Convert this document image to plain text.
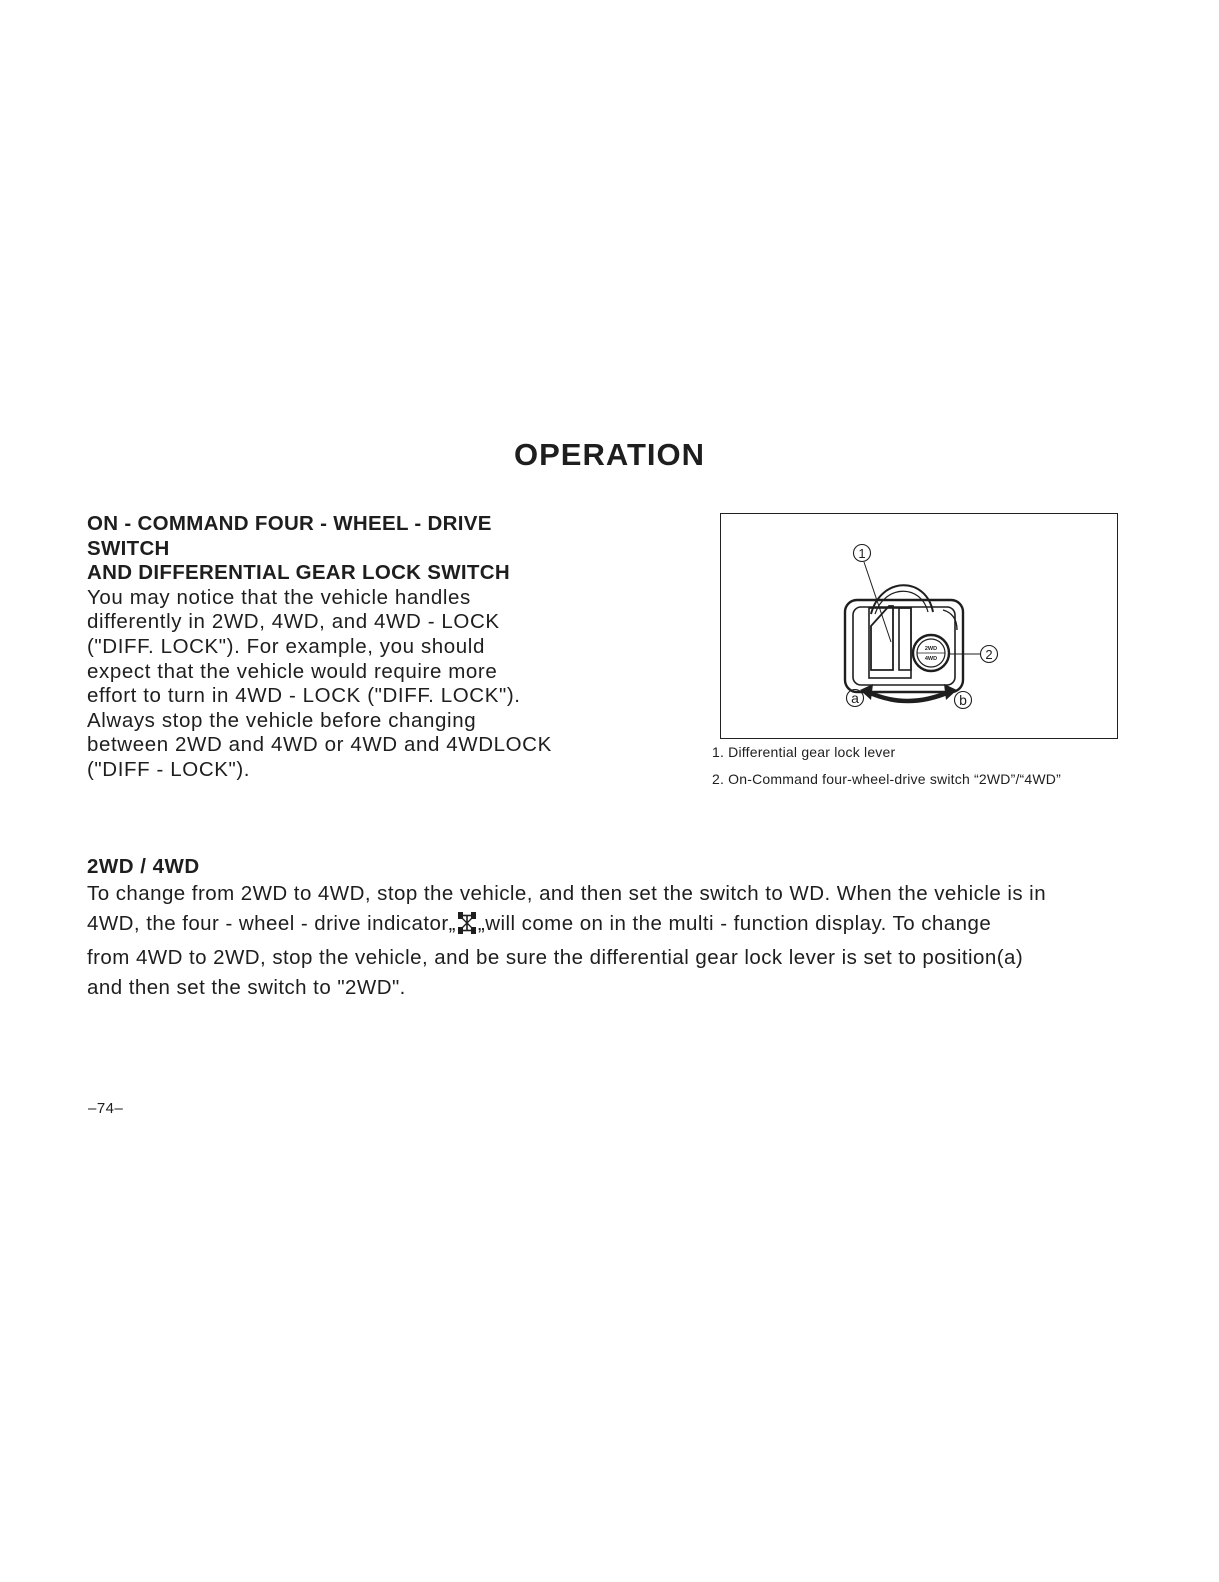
OPERATION

ON - COMMAND FOUR - WHEEL - DRIVE

SWITCH

AND DIFFERENTIAL GEAR LOCK SWITCH

You may notice that the vehicle handles

differently in 2WD, 4WD, and 4WD - LOCK

("DIFF. LOCK"). For example, you should

expect that the vehicle would require more

effort to turn in 4WD - LOCK ("DIFF. LOCK").

Always stop the vehicle before changing

between 2WD and 4WD or 4WD and 4WDLOCK

("DIFF - LOCK").

2WD
4WD
1
2
a	b

1. Differential gear lock lever

2. On-Command four-wheel-drive switch “2WD”/“4WD”

2WD / 4WD

To change from 2WD to 4WD, stop the vehicle, and then set the switch to WD. When the vehicle is in

4WD, the four - wheel - drive indicator„ „will come on in the multi - function display. To change

from 4WD to 2WD, stop the vehicle, and be sure the differential gear lock lever is set to position(a)

and then set the switch to "2WD".

–74–
